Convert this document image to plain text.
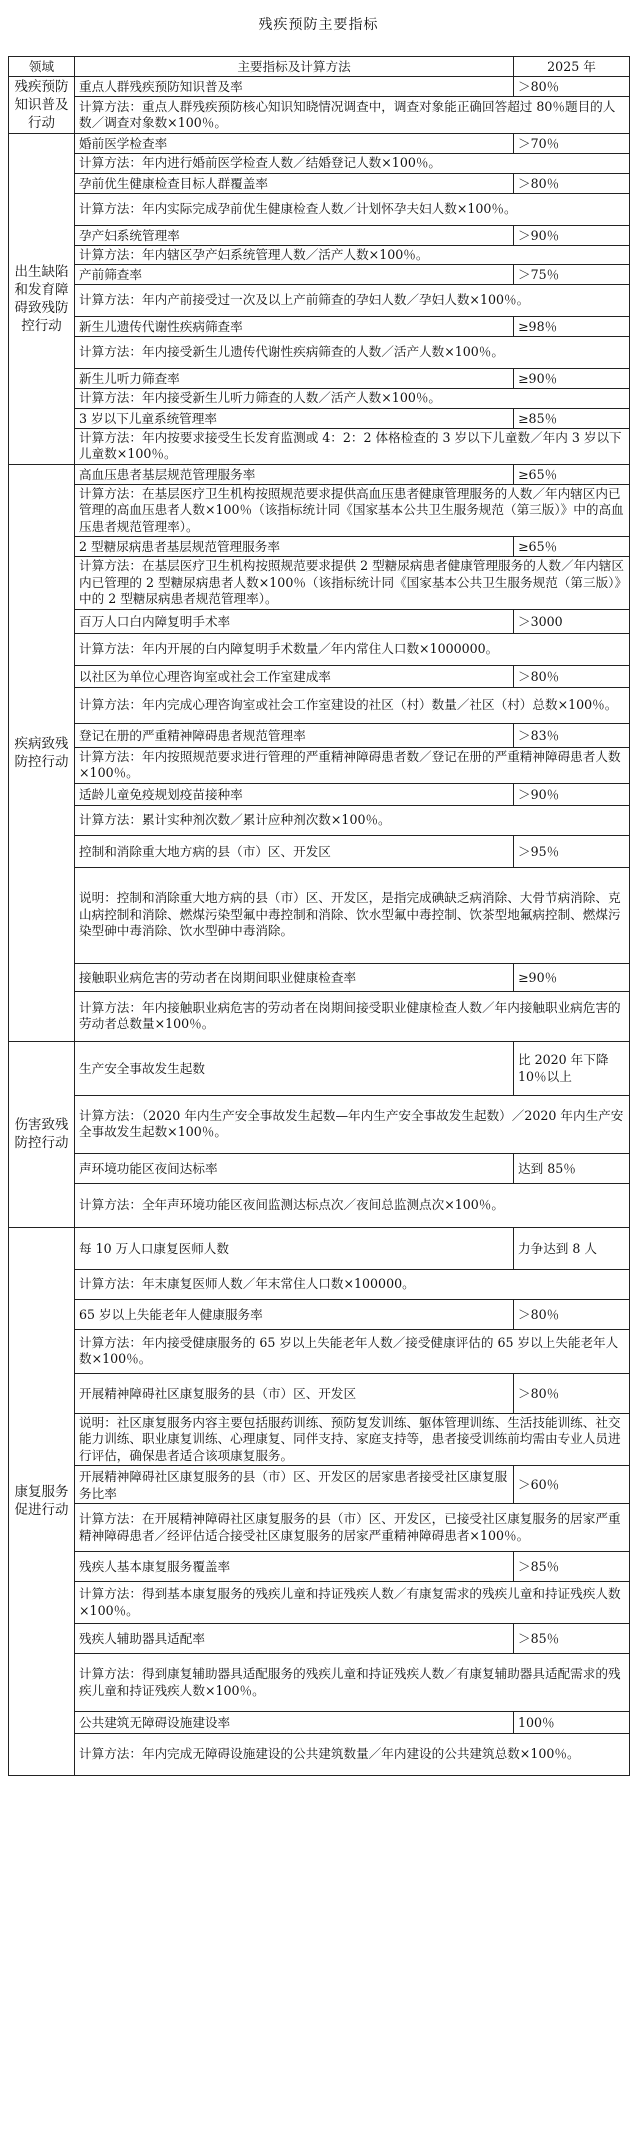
残疾预防主要指标
领域	主要指标及计算方法	2025 年
残疾预防知识普及行动	重点人群残疾预防知识普及率	＞80％
	计算方法：重点人群残疾预防核心知识知晓情况调查中，调查对象能正确回答超过 80％题目的人数／调查对象数×100％。	
出生缺陷和发育障碍致残防控行动	婚前医学检查率	＞70％
	计算方法：年内进行婚前医学检查人数／结婚登记人数×100％。	
	孕前优生健康检查目标人群覆盖率	＞80％
	计算方法：年内实际完成孕前优生健康检查人数／计划怀孕夫妇人数×100％。	
	孕产妇系统管理率	＞90％
	计算方法：年内辖区孕产妇系统管理人数／活产人数×100％。	
	产前筛查率	＞75％
	计算方法：年内产前接受过一次及以上产前筛查的孕妇人数／孕妇人数×100％。	
	新生儿遗传代谢性疾病筛查率	≥98％
	计算方法：年内接受新生儿遗传代谢性疾病筛查的人数／活产人数×100％。	
	新生儿听力筛查率	≥90％
	计算方法：年内接受新生儿听力筛查的人数／活产人数×100％。	
	3 岁以下儿童系统管理率	≥85％
	计算方法：年内按要求接受生长发育监测或 4：2：2 体格检查的 3 岁以下儿童数／年内 3 岁以下儿童数×100％。	
疾病致残防控行动	高血压患者基层规范管理服务率	≥65％
	计算方法：在基层医疗卫生机构按照规范要求提供高血压患者健康管理服务的人数／年内辖区内已管理的高血压患者人数×100％（该指标统计同《国家基本公共卫生服务规范（第三版）》中的高血压患者规范管理率）。	
	2 型糖尿病患者基层规范管理服务率	≥65％
	计算方法：在基层医疗卫生机构按照规范要求提供 2 型糖尿病患者健康管理服务的人数／年内辖区内已管理的 2 型糖尿病患者人数×100％（该指标统计同《国家基本公共卫生服务规范（第三版）》中的 2 型糖尿病患者规范管理率）。	
	百万人口白内障复明手术率	＞3000
	计算方法：年内开展的白内障复明手术数量／年内常住人口数×1000000。	
	以社区为单位心理咨询室或社会工作室建成率	＞80％
	计算方法：年内完成心理咨询室或社会工作室建设的社区（村）数量／社区（村）总数×100％。	
	登记在册的严重精神障碍患者规范管理率	＞83％
	计算方法：年内按照规范要求进行管理的严重精神障碍患者数／登记在册的严重精神障碍患者人数×100％。	
	适龄儿童免疫规划疫苗接种率	＞90％
	计算方法：累计实种剂次数／累计应种剂次数×100％。	
	控制和消除重大地方病的县（市）区、开发区	＞95％
	说明：控制和消除重大地方病的县（市）区、开发区，是指完成碘缺乏病消除、大骨节病消除、克山病控制和消除、燃煤污染型氟中毒控制和消除、饮水型氟中毒控制、饮茶型地氟病控制、燃煤污染型砷中毒消除、饮水型砷中毒消除。	
	接触职业病危害的劳动者在岗期间职业健康检查率	≥90％
	计算方法：年内接触职业病危害的劳动者在岗期间接受职业健康检查人数／年内接触职业病危害的劳动者总数量×100％。	
伤害致残防控行动	生产安全事故发生起数	比 2020 年下降 10％以上
	计算方法：（2020 年内生产安全事故发生起数—年内生产安全事故发生起数）／2020 年内生产安全事故发生起数×100％。	
	声环境功能区夜间达标率	达到 85％
	计算方法：全年声环境功能区夜间监测达标点次／夜间总监测点次×100％。	
康复服务促进行动	每 10 万人口康复医师人数	力争达到 8 人
	计算方法：年末康复医师人数／年末常住人口数×100000。	
	65 岁以上失能老年人健康服务率	＞80％
	计算方法：年内接受健康服务的 65 岁以上失能老年人数／接受健康评估的 65 岁以上失能老年人数×100％。	
	开展精神障碍社区康复服务的县（市）区、开发区	＞80％
	说明：社区康复服务内容主要包括服药训练、预防复发训练、躯体管理训练、生活技能训练、社交能力训练、职业康复训练、心理康复、同伴支持、家庭支持等，患者接受训练前均需由专业人员进行评估，确保患者适合该项康复服务。	
	开展精神障碍社区康复服务的县（市）区、开发区的居家患者接受社区康复服务比率	＞60％
	计算方法：在开展精神障碍社区康复服务的县（市）区、开发区，已接受社区康复服务的居家严重精神障碍患者／经评估适合接受社区康复服务的居家严重精神障碍患者×100％。	
	残疾人基本康复服务覆盖率	＞85％
	计算方法：得到基本康复服务的残疾儿童和持证残疾人数／有康复需求的残疾儿童和持证残疾人数×100％。	
	残疾人辅助器具适配率	＞85％
	计算方法：得到康复辅助器具适配服务的残疾儿童和持证残疾人数／有康复辅助器具适配需求的残疾儿童和持证残疾人数×100％。	
	公共建筑无障碍设施建设率	100％
	计算方法：年内完成无障碍设施建设的公共建筑数量／年内建设的公共建筑总数×100％。	
